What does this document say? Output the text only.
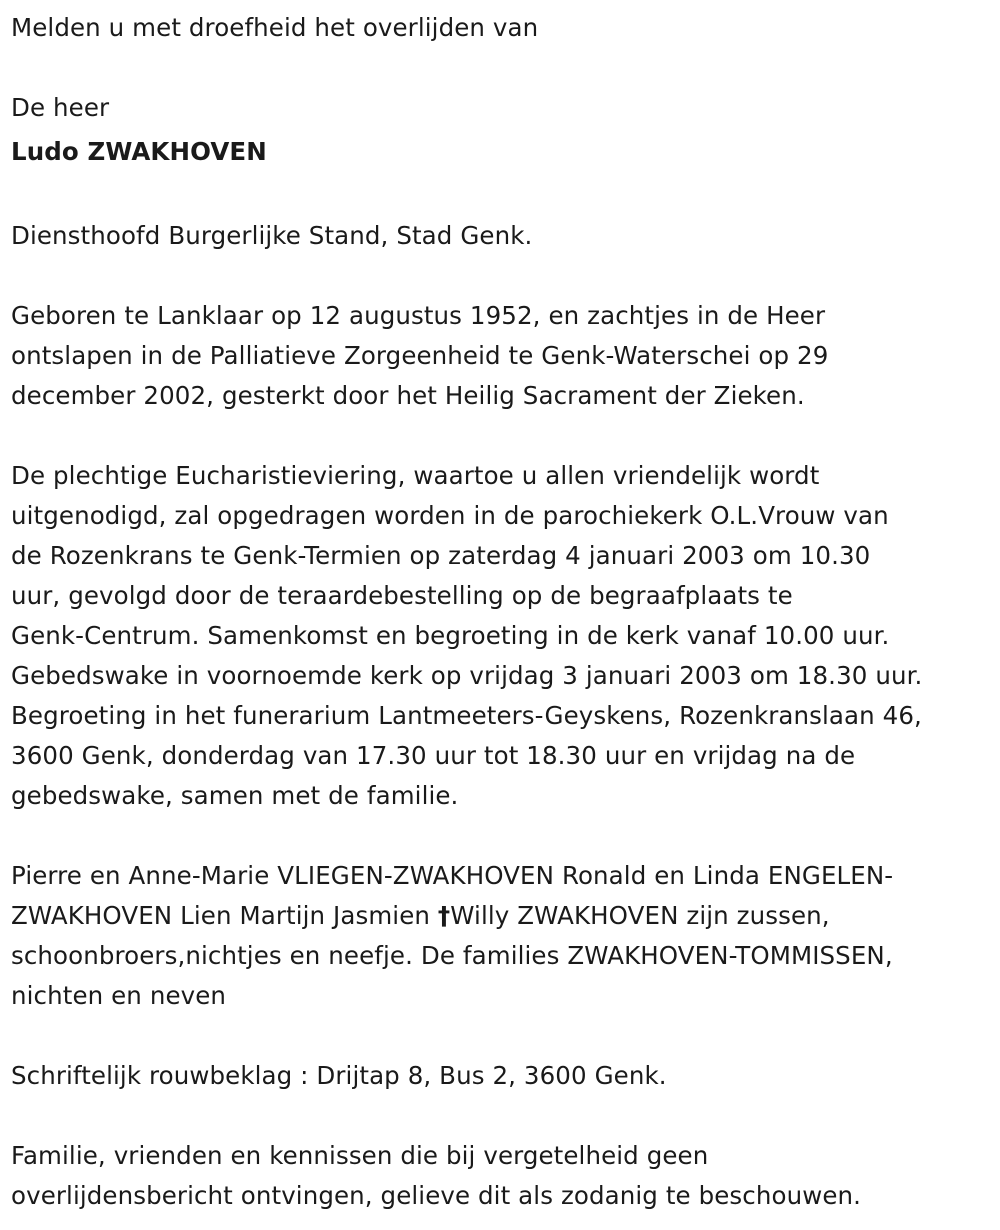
Melden u met droefheid het overlijden van

De heer

Ludo ZWAKHOVEN

Diensthoofd Burgerlijke Stand, Stad Genk.

Geboren te Lanklaar op 12 augustus 1952, en zachtjes in de Heer
ontslapen in de Palliatieve Zorgeenheid te Genk-Waterschei op 29
december 2002, gesterkt door het Heilig Sacrament der Zieken.

De plechtige Eucharistieviering, waartoe u allen vriendelijk wordt
uitgenodigd, zal opgedragen worden in de parochiekerk O.L.Vrouw van
de Rozenkrans te Genk-Termien op zaterdag 4 januari 2003 om 10.30
uur, gevolgd door de teraardebestelling op de begraafplaats te
Genk-Centrum. Samenkomst en begroeting in de kerk vanaf 10.00 uur.
Gebedswake in voornoemde kerk op vrijdag 3 januari 2003 om 18.30 uur.
Begroeting in het funerarium Lantmeeters-Geyskens, Rozenkranslaan 46,
3600 Genk, donderdag van 17.30 uur tot 18.30 uur en vrijdag na de
gebedswake, samen met de familie.

Pierre en Anne-Marie VLIEGEN-ZWAKHOVEN Ronald en Linda ENGELEN-
ZWAKHOVEN Lien Martijn Jasmien †Willy ZWAKHOVEN zijn zussen,
schoonbroers,nichtjes en neefje. De families ZWAKHOVEN-TOMMISSEN,
nichten en neven

Schriftelijk rouwbeklag : Drijtap 8, Bus 2, 3600 Genk.

Familie, vrienden en kennissen die bij vergetelheid geen
overlijdensbericht ontvingen, gelieve dit als zodanig te beschouwen.
